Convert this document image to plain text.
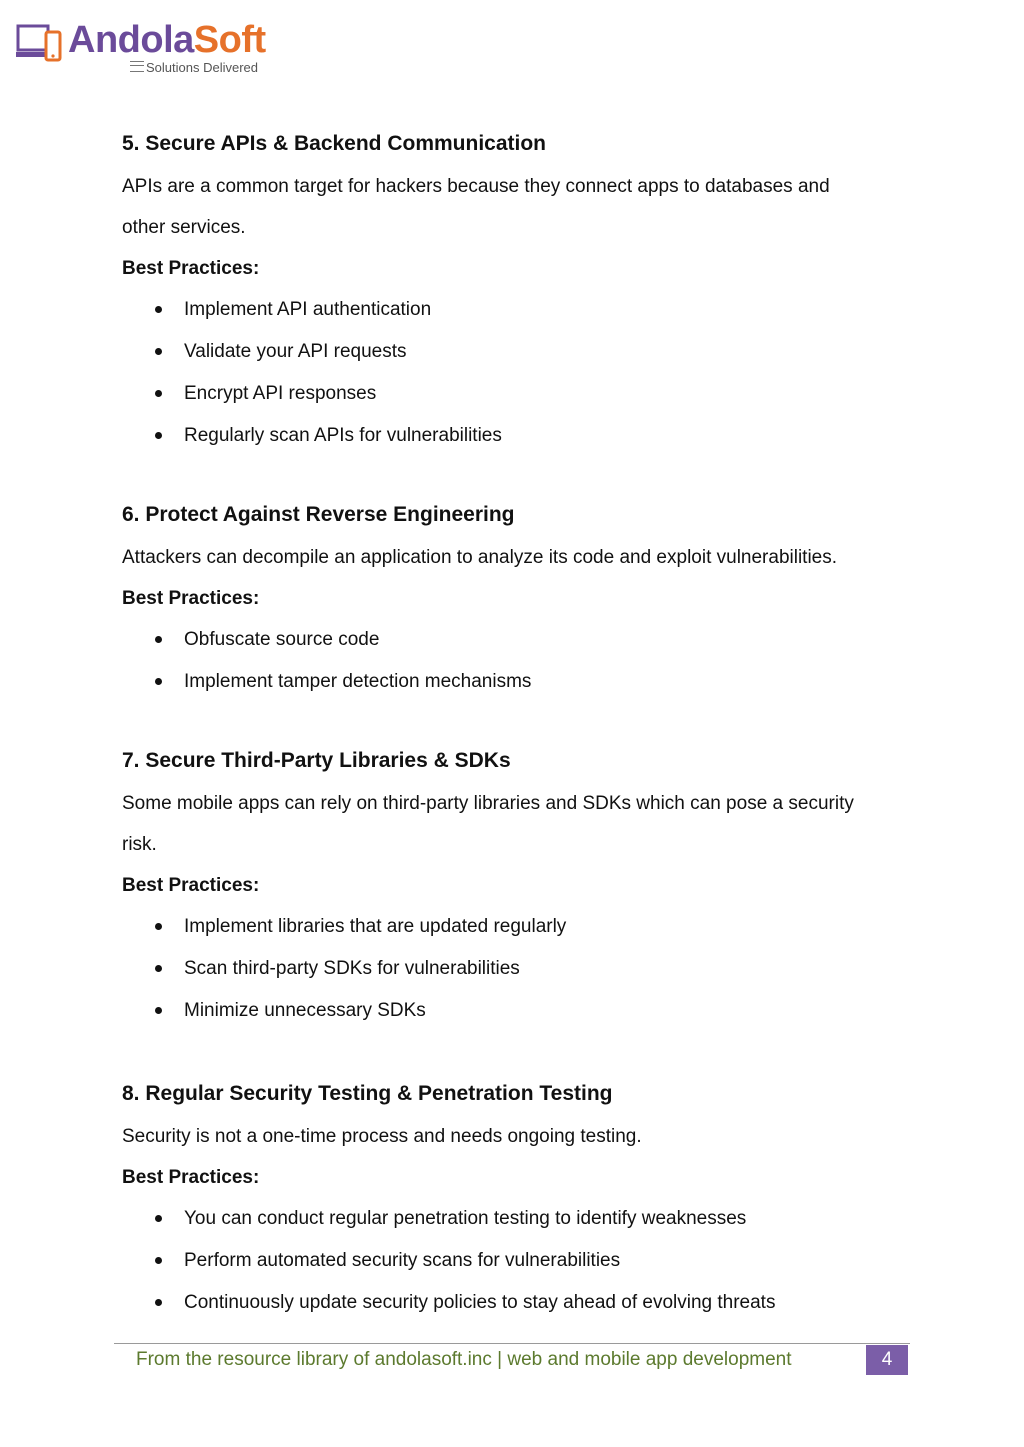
AndolaSoft
Solutions Delivered
5. Secure APIs & Backend Communication

APIs are a common target for hackers because they connect apps to databases and

other services.

Best Practices:

Implement API authentication
Validate your API requests
Encrypt API responses
Regularly scan APIs for vulnerabilities
6. Protect Against Reverse Engineering

Attackers can decompile an application to analyze its code and exploit vulnerabilities.

Best Practices:

Obfuscate source code
Implement tamper detection mechanisms
7. Secure Third-Party Libraries & SDKs

Some mobile apps can rely on third-party libraries and SDKs which can pose a security

risk.

Best Practices:

Implement libraries that are updated regularly
Scan third-party SDKs for vulnerabilities
Minimize unnecessary SDKs
8. Regular Security Testing & Penetration Testing

Security is not a one-time process and needs ongoing testing.

Best Practices:

You can conduct regular penetration testing to identify weaknesses
Perform automated security scans for vulnerabilities
Continuously update security policies to stay ahead of evolving threats
From the resource library of andolasoft.inc | web and mobile app development	4
